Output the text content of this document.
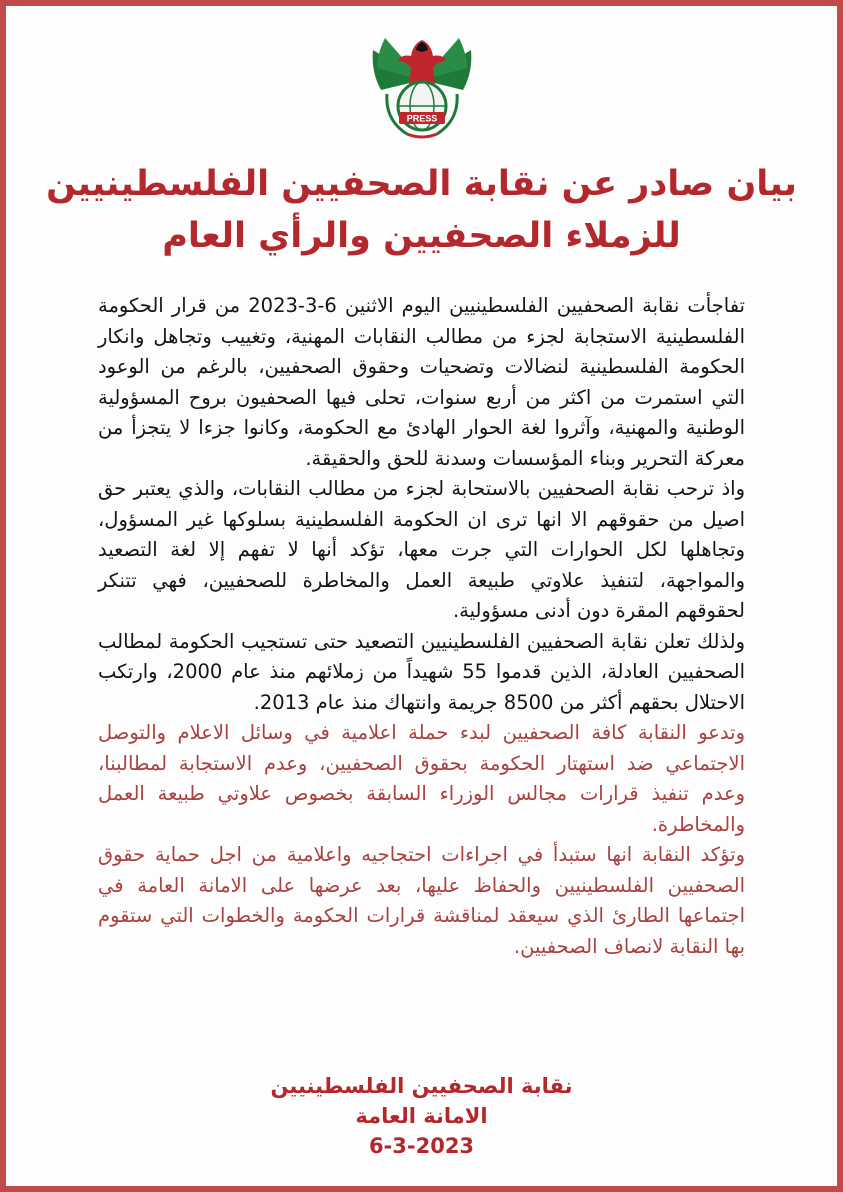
PRESS
بيان صادر عن نقابة الصحفيين الفلسطينيين
للزملاء الصحفيين والرأي العام

تفاجأت نقابة الصحفيين الفلسطينيين اليوم الاثنين 6-3-2023 من قرار الحكومة الفلسطينية الاستجابة لجزء من مطالب النقابات المهنية، وتغييب وتجاهل وانكار الحكومة الفلسطينية لنضالات وتضحيات وحقوق الصحفيين، بالرغم من الوعود التي استمرت من اكثر من أربع سنوات، تحلى فيها الصحفيون بروح المسؤولية الوطنية والمهنية، وآثروا لغة الحوار الهادئ مع الحكومة، وكانوا جزءا لا يتجزأ من معركة التحرير وبناء المؤسسات وسدنة للحق والحقيقة.

واذ ترحب نقابة الصحفيين بالاستحابة لجزء من مطالب النقابات، والذي يعتبر حق اصيل من حقوقهم الا انها ترى ان الحكومة الفلسطينية بسلوكها غير المسؤول، وتجاهلها لكل الحوارات التي جرت معها، تؤكد أنها لا تفهم إلا لغة التصعيد والمواجهة، لتنفيذ علاوتي طبيعة العمل والمخاطرة للصحفيين، فهي تتنكر لحقوقهم المقرة دون أدنى مسؤولية.

ولذلك تعلن نقابة الصحفيين الفلسطينيين التصعيد حتى تستجيب الحكومة لمطالب الصحفيين العادلة، الذين قدموا 55 شهيداً من زملائهم منذ عام 2000، وارتكب الاحتلال بحقهم أكثر من 8500 جريمة وانتهاك منذ عام 2013.

وتدعو النقابة كافة الصحفيين لبدء حملة اعلامية في وسائل الاعلام والتوصل الاجتماعي ضد استهتار الحكومة بحقوق الصحفيين، وعدم الاستجابة لمطالبنا، وعدم تنفيذ قرارات مجالس الوزراء السابقة بخصوص علاوتي طبيعة العمل والمخاطرة.

وتؤكد النقابة انها ستبدأ في اجراءات احتجاجيه واعلامية من اجل حماية حقوق الصحفيين الفلسطينيين والحفاظ عليها، بعد عرضها على الامانة العامة في اجتماعها الطارئ الذي سيعقد لمناقشة قرارات الحكومة والخطوات التي ستقوم بها النقابة لانصاف الصحفيين.

نقابة الصحفيين الفلسطينيين
الامانة العامة
6-3-2023
